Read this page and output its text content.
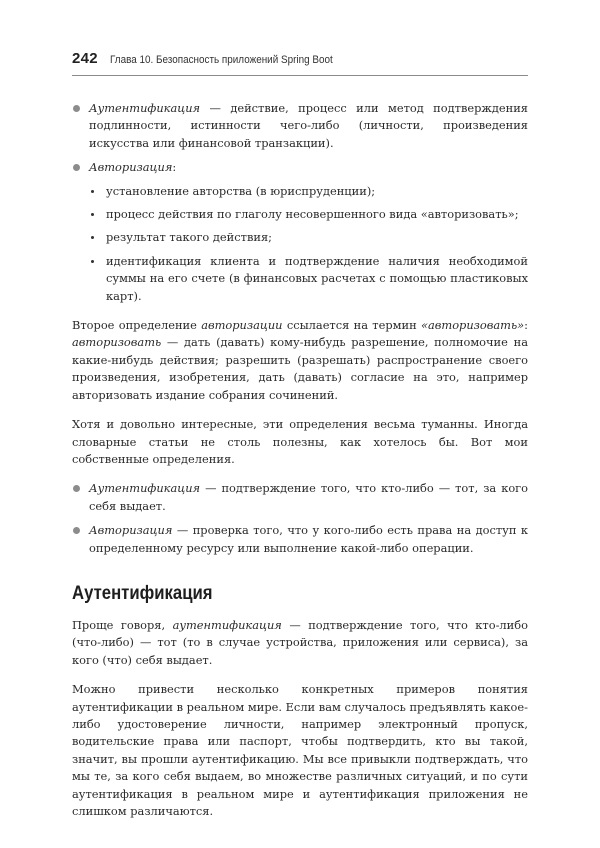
242 Глава 10. Безопасность приложений Spring Boot
Аутентификация — действие, процесс или метод подтверждения подлинности, истинности чего-либо (личности, произведения искусства или финансовой транзакции).
Авторизация:
установление авторства (в юриспруденции);
процесс действия по глаголу несовершенного вида «авторизовать»;
результат такого действия;
идентификация клиента и подтверждение наличия необходимой суммы на его счете (в финансовых расчетах с помощью пластиковых карт).

Второе определение авторизации ссылается на термин «авторизовать»: авторизовать — дать (давать) кому-нибудь разрешение, полномочие на какие-нибудь действия; разрешить (разрешать) распространение своего произведения, изобретения, дать (давать) согласие на это, например авторизовать издание собрания сочинений.

Хотя и довольно интересные, эти определения весьма туманны. Иногда словарные статьи не столь полезны, как хотелось бы. Вот мои собственные определения.

Аутентификация — подтверждение того, что кто-либо — тот, за кого себя выдает.
Авторизация — проверка того, что у кого-либо есть права на доступ к определенному ресурсу или выполнение какой-либо операции.
Аутентификация

Проще говоря, аутентификация — подтверждение того, что кто-либо (что-либо) — тот (то в случае устройства, приложения или сервиса), за кого (что) себя выдает.

Можно привести несколько конкретных примеров понятия аутентификации в реальном мире. Если вам случалось предъявлять какое-либо удостоверение личности, например электронный пропуск, водительские права или паспорт, чтобы подтвердить, кто вы такой, значит, вы прошли аутентификацию. Мы все привыкли подтверждать, что мы те, за кого себя выдаем, во множестве различных ситуаций, и по сути аутентификация в реальном мире и аутентификация приложения не слишком различаются.
